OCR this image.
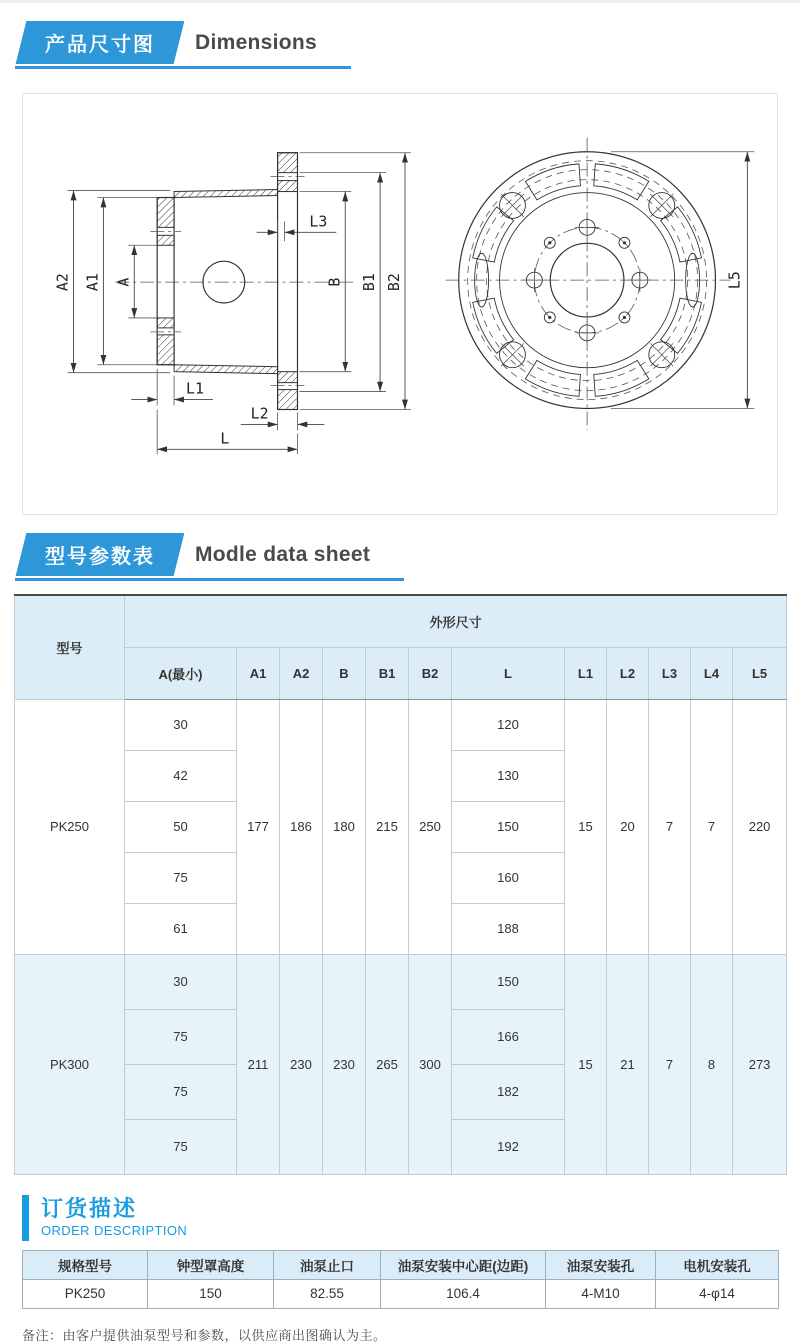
产品尺寸图	Dimensions
A2 A1 A	B B1 B2
L3
L1
L2
L
L5
型号参数表	Modle data sheet
型号	外形尺寸											
	A(最小)	A1	A2	B	B1	B2	L	L1	L2	L3	L4	L5
PK250	30	177	186	180	215	250	120	15	20	7	7	220
	42						130					
	50						150					
	75						160					
	61						188					
PK300	30	211	230	230	265	300	150	15	21	7	8	273
	75						166					
	75						182					
	75						192					
订货描述
ORDER DESCRIPTION
规格型号	钟型罩高度	油泵止口	油泵安装中心距(边距)	油泵安装孔	电机安装孔
PK250	150	82.55	106.4	4-M10	4-φ14

备注：由客户提供油泵型号和参数，以供应商出图确认为主。
